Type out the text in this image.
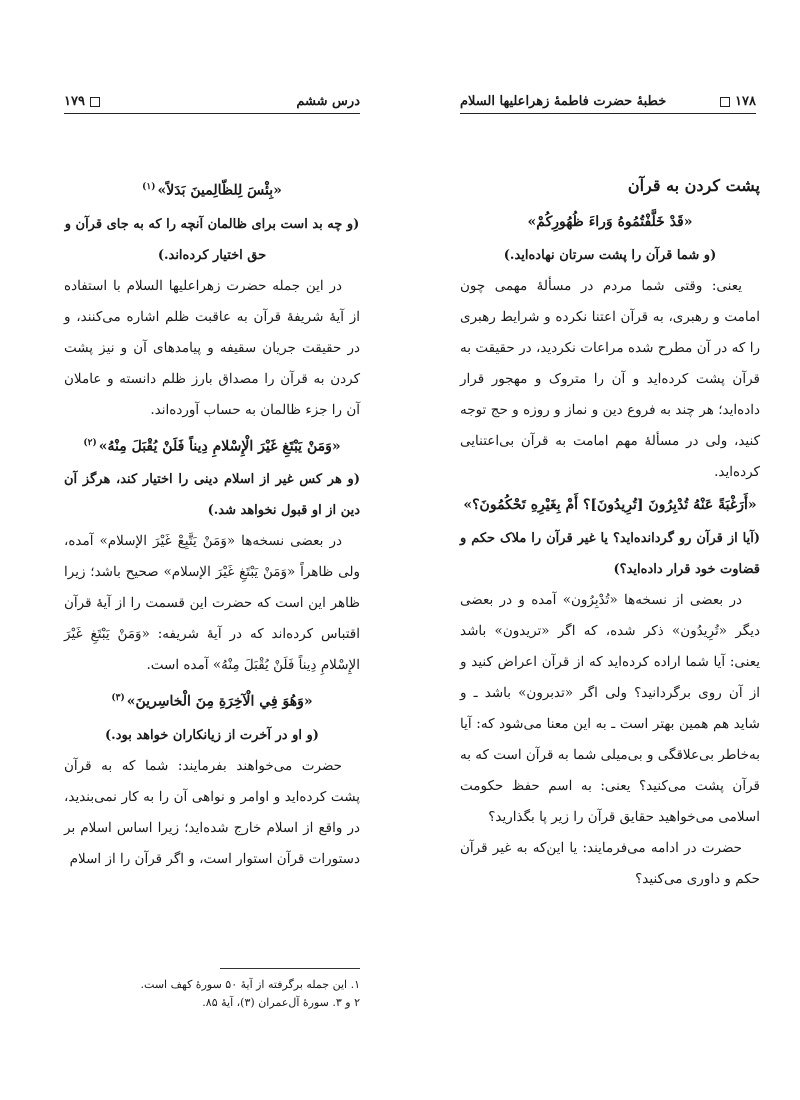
درس ششم
۱۷۹

«بِئْسَ لِلظّالِمینَ بَدَلاً»$^{(۱)}$

(و چه بد است برای ظالمان آنچه را که به جای قرآن و حق اختیار کرده‌اند.)

در این جمله حضرت زهراعليها السلام با استفاده از آیهٔ شریفهٔ قرآن به عاقبت ظلم اشاره می‌کنند، و در حقیقت جریان سقیفه و پیامدهای آن و نیز پشت کردن به قرآن را مصداق بارز ظلم دانسته و عاملان آن را جزء ظالمان به حساب آورده‌اند.

«وَمَنْ يَبْتَغِ غَيْرَ الْإِسْلامِ دِيناً فَلَنْ يُقْبَلَ مِنْهُ»$^{(۲)}$

(و هر کس غیر از اسلام دینی را اختیار کند، هرگز آن دین از او قبول نخواهد شد.)

در بعضی نسخه‌ها «وَمَنْ يَتَّبِعْ غَيْرَ الإسلام» آمده، ولی ظاهراً «وَمَنْ يَبْتَغِ غَيْرَ الإسلام» صحیح باشد؛ زیرا ظاهر این است که حضرت این قسمت را از آیهٔ قرآن اقتباس کرده‌اند که در آیهٔ شریفه: «وَمَنْ يَبْتَغِ غَيْرَ الإِسْلامِ دِيناً فَلَنْ يُقْبَلَ مِنْهُ» آمده است.

«وَهُوَ فِي الْآخِرَةِ مِنَ الْخاسِرينَ»$^{(۳)}$

(و او در آخرت از زیانکاران خواهد بود.)

حضرت می‌خواهند بفرمایند: شما که به قرآن پشت کرده‌اید و اوامر و نواهی آن را به کار نمی‌بندید، در واقع از اسلام خارج شده‌اید؛ زیرا اساس اسلام بر دستورات قرآن استوار است، و اگر قرآن را از اسلام

۱. این جمله برگرفته از آیهٔ ۵۰ سورهٔ کهف است.

۲ و ۳. سورهٔ آل‌عمران (۳)، آیهٔ ۸۵.

۱۷۸
خطبهٔ حضرت فاطمهٔ زهراعليها السلام

پشت کردن به قرآن

«قَدْ خَلَّفْتُمُوهُ وَراءَ ظُهُورِكُمْ»

(و شما قرآن را پشت سرتان نهاده‌اید.)

یعنی: وقتی شما مردم در مسألهٔ مهمی چون امامت و رهبری، به قرآن اعتنا نکرده و شرایط رهبری را که در آن مطرح شده مراعات نکردید، در حقیقت به قرآن پشت کرده‌اید و آن را متروک و مهجور قرار داده‌اید؛ هر چند به فروع دین و نماز و روزه و حج توجه کنید، ولی در مسألهٔ مهم امامت به قرآن بی‌اعتنایی کرده‌اید.

«أَرَغْبَةً عَنْهُ تُدْبِرُونَ [تُرِيدُونَ]؟ أَمْ بِغَيْرِهِ تَحْكُمُونَ؟»

(آیا از قرآن رو گردانده‌اید؟ یا غیر قرآن را ملاک حکم و قضاوت خود قرار داده‌اید؟)

در بعضی از نسخه‌ها «تُدْبِرُون» آمده و در بعضی دیگر «تُرِيدُون» ذکر شده، که اگر «تریدون» باشد یعنی: آیا شما اراده کرده‌اید که از قرآن اعراض کنید و از آن روی برگردانید؟ ولی اگر «تدبرون» باشد ـ و شاید هم همین بهتر است ـ به این معنا می‌شود که: آیا به‌خاطر بی‌علاقگی و بی‌میلی شما به قرآن است که به قرآن پشت می‌کنید؟ یعنی: به اسم حفظ حکومت اسلامی می‌خواهید حقایق قرآن را زیر پا بگذارید؟

حضرت در ادامه می‌فرمایند: یا این‌که به غیر قرآن حکم و داوری می‌کنید؟
